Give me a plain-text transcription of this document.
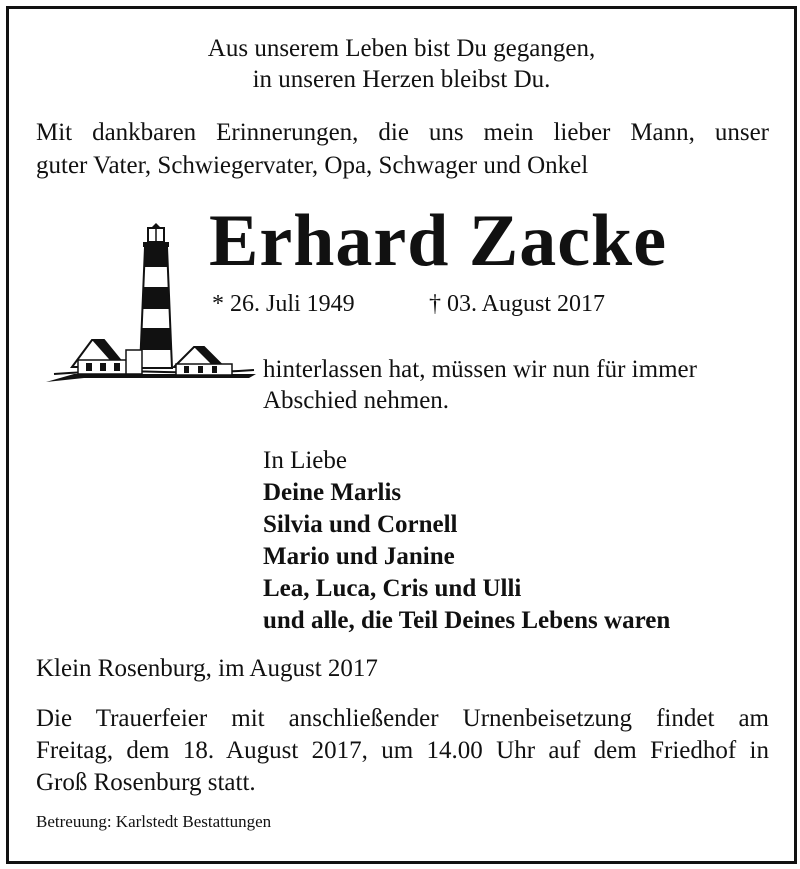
Aus unserem Leben bist Du gegangen,
in unseren Herzen bleibst Du.
Mit dankbaren Erinnerungen, die uns mein lieber Mann, unser
guter Vater, Schwiegervater, Opa, Schwager und Onkel
Erhard Zacke
* 26. Juli 1949	† 03. August 2017
hinterlassen hat, müssen wir nun für immer
Abschied nehmen.
In Liebe
Deine Marlis
Silvia und Cornell
Mario und Janine
Lea, Luca, Cris und Ulli
und alle, die Teil Deines Lebens waren
Klein Rosenburg, im August 2017
Die Trauerfeier mit anschließender Urnenbeisetzung findet am
Freitag, dem 18. August 2017, um 14.00 Uhr auf dem Friedhof in
Groß Rosenburg statt.
Betreuung: Karlstedt Bestattungen
